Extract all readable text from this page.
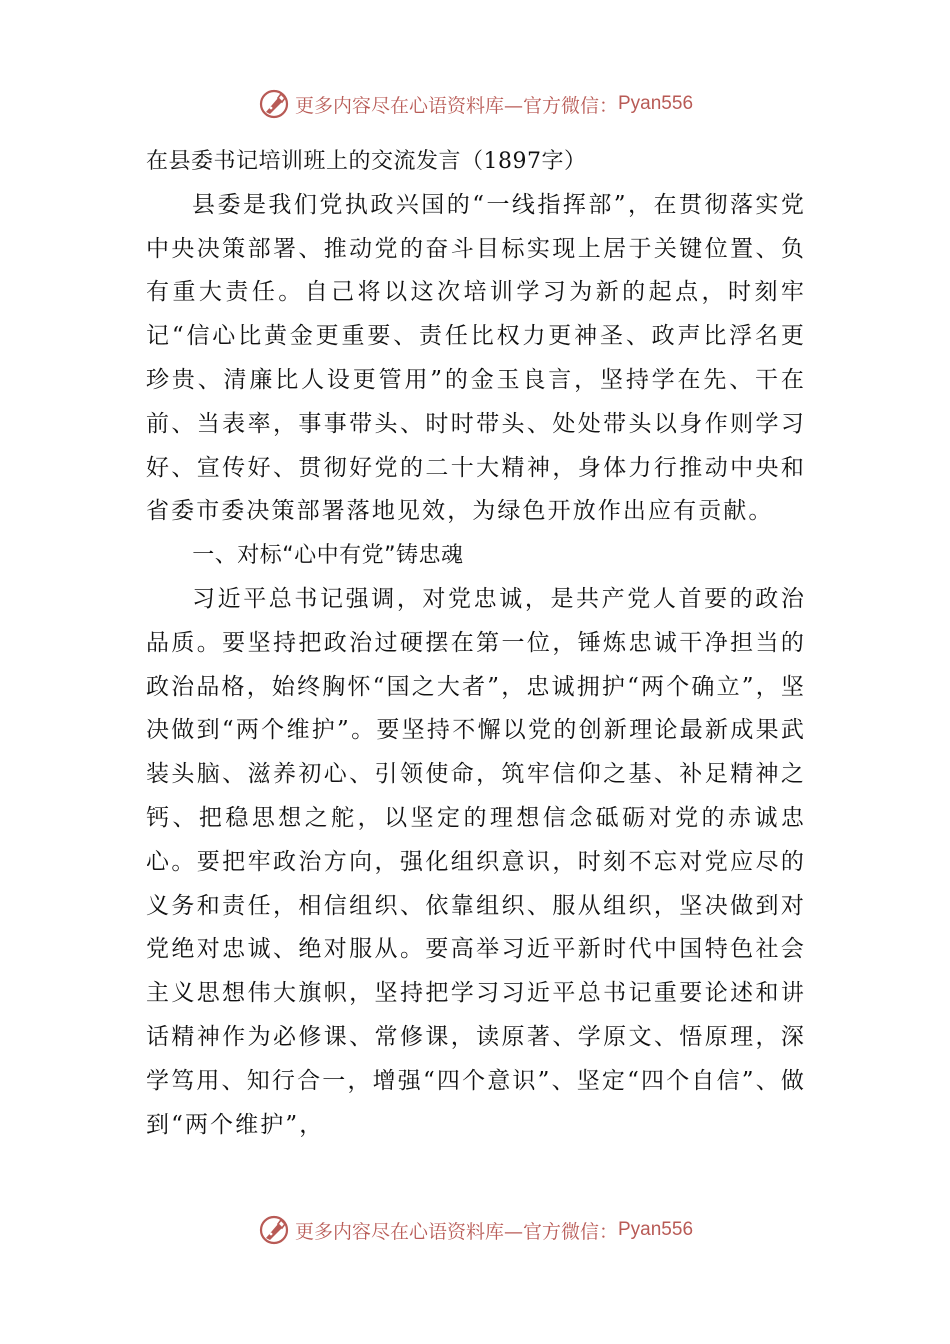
更多内容尽在心语资料库—官方微信： Pyan556
在县委书记培训班上的交流发言（1897字）

县委是我们党执政兴国的“一线指挥部”，在贯彻落实党中央决策部署、推动党的奋斗目标实现上居于关键位置、负有重大责任。自己将以这次培训学习为新的起点，时刻牢记“信心比黄金更重要、责任比权力更神圣、政声比浮名更珍贵、清廉比人设更管用”的金玉良言，坚持学在先、干在前、当表率，事事带头、时时带头、处处带头以身作则学习好、宣传好、贯彻好党的二十大精神，身体力行推动中央和省委市委决策部署落地见效，为绿色开放作出应有贡献。

一、对标“心中有党”铸忠魂

习近平总书记强调，对党忠诚，是共产党人首要的政治品质。要坚持把政治过硬摆在第一位，锤炼忠诚干净担当的政治品格，始终胸怀“国之大者”，忠诚拥护“两个确立”，坚决做到“两个维护”。要坚持不懈以党的创新理论最新成果武装头脑、滋养初心、引领使命，筑牢信仰之基、补足精神之钙、把稳思想之舵，以坚定的理想信念砥砺对党的赤诚忠心。要把牢政治方向，强化组织意识，时刻不忘对党应尽的义务和责任，相信组织、依靠组织、服从组织，坚决做到对党绝对忠诚、绝对服从。要高举习近平新时代中国特色社会主义思想伟大旗帜，坚持把学习习近平总书记重要论述和讲话精神作为必修课、常修课，读原著、学原文、悟原理，深学笃用、知行合一，增强“四个意识”、坚定“四个自信”、做到“两个维护”，

更多内容尽在心语资料库—官方微信： Pyan556
